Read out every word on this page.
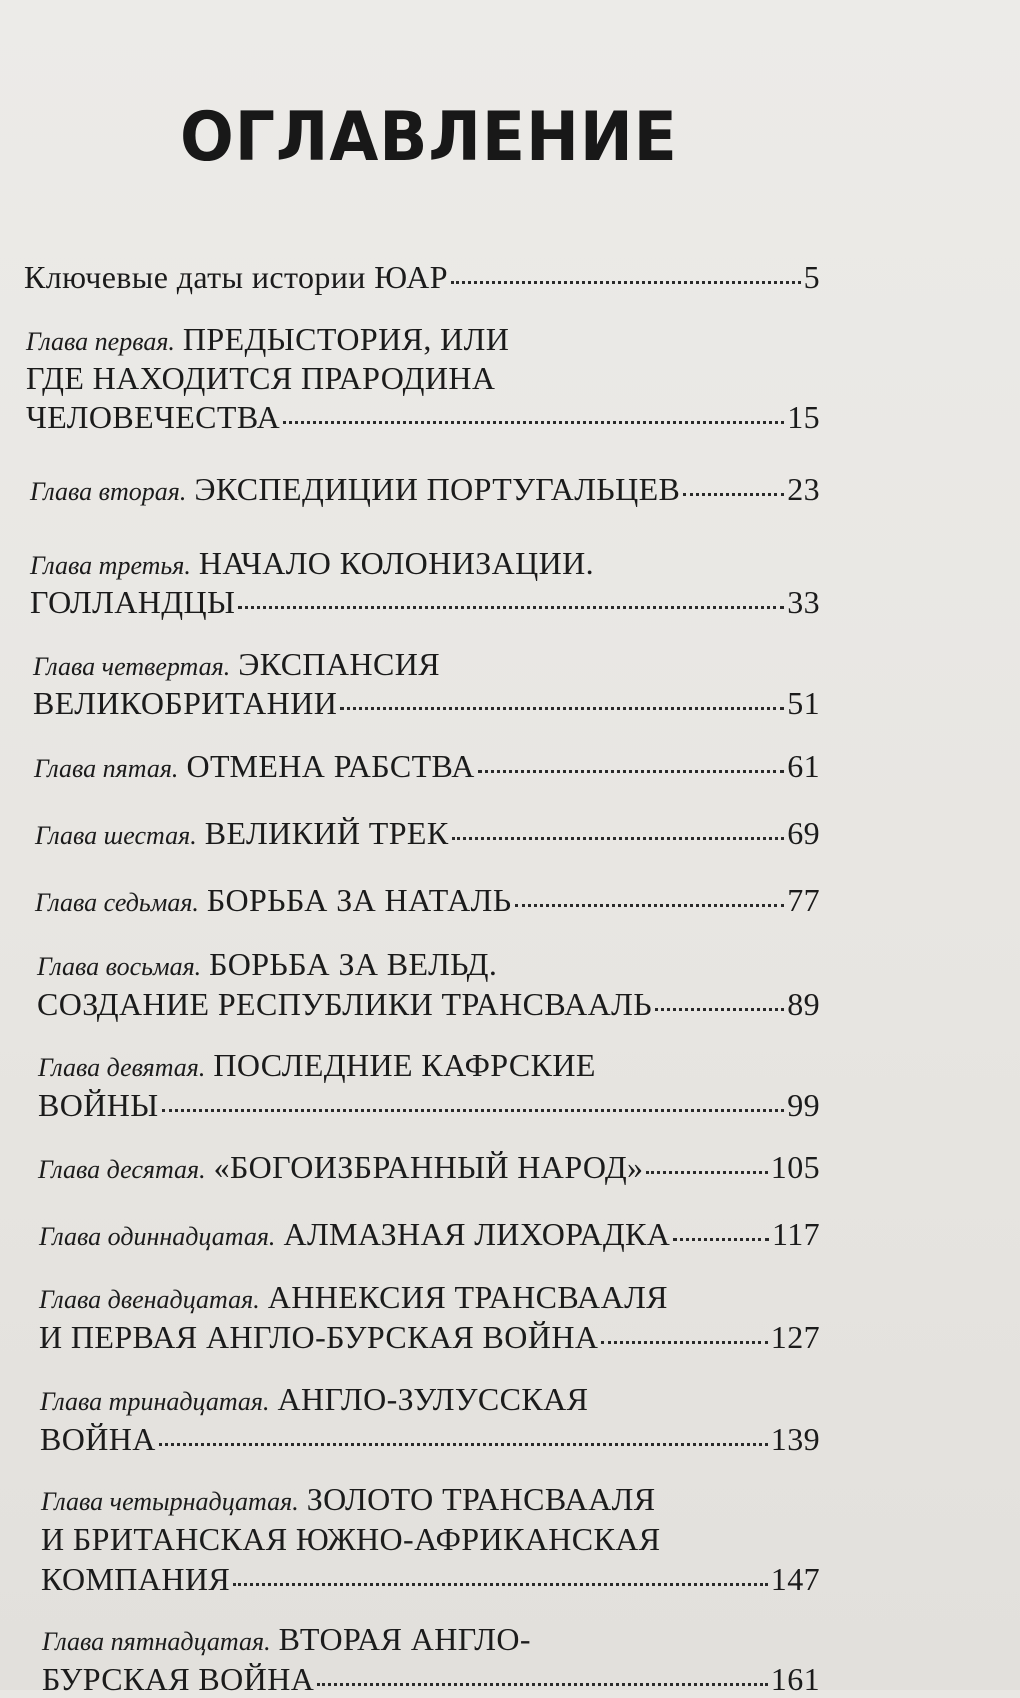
ОГЛАВЛЕНИЕ
Ключевые даты истории ЮАР	5
Глава первая. ПРЕДЫСТОРИЯ, ИЛИ
ГДЕ НАХОДИТСЯ ПРАРОДИНА
ЧЕЛОВЕЧЕСТВА	15
Глава вторая. ЭКСПЕДИЦИИ ПОРТУГАЛЬЦЕВ	23
Глава третья. НАЧАЛО КОЛОНИЗАЦИИ.
ГОЛЛАНДЦЫ	33
Глава четвертая. ЭКСПАНСИЯ
ВЕЛИКОБРИТАНИИ	51
Глава пятая. ОТМЕНА РАБСТВА	61
Глава шестая. ВЕЛИКИЙ ТРЕК	69
Глава седьмая. БОРЬБА ЗА НАТАЛЬ	77
Глава восьмая. БОРЬБА ЗА ВЕЛЬД.
СОЗДАНИЕ РЕСПУБЛИКИ ТРАНСВААЛЬ	89
Глава девятая. ПОСЛЕДНИЕ КАФРСКИЕ
ВОЙНЫ	99
Глава десятая. «БОГОИЗБРАННЫЙ НАРОД»	105
Глава одиннадцатая. АЛМАЗНАЯ ЛИХОРАДКА	117
Глава двенадцатая. АННЕКСИЯ ТРАНСВААЛЯ
И ПЕРВАЯ АНГЛО-БУРСКАЯ ВОЙНА	127
Глава тринадцатая. АНГЛО-ЗУЛУССКАЯ
ВОЙНА	139
Глава четырнадцатая. ЗОЛОТО ТРАНСВААЛЯ
И БРИТАНСКАЯ ЮЖНО-АФРИКАНСКАЯ
КОМПАНИЯ	147
Глава пятнадцатая. ВТОРАЯ АНГЛО-
БУРСКАЯ ВОЙНА	161
